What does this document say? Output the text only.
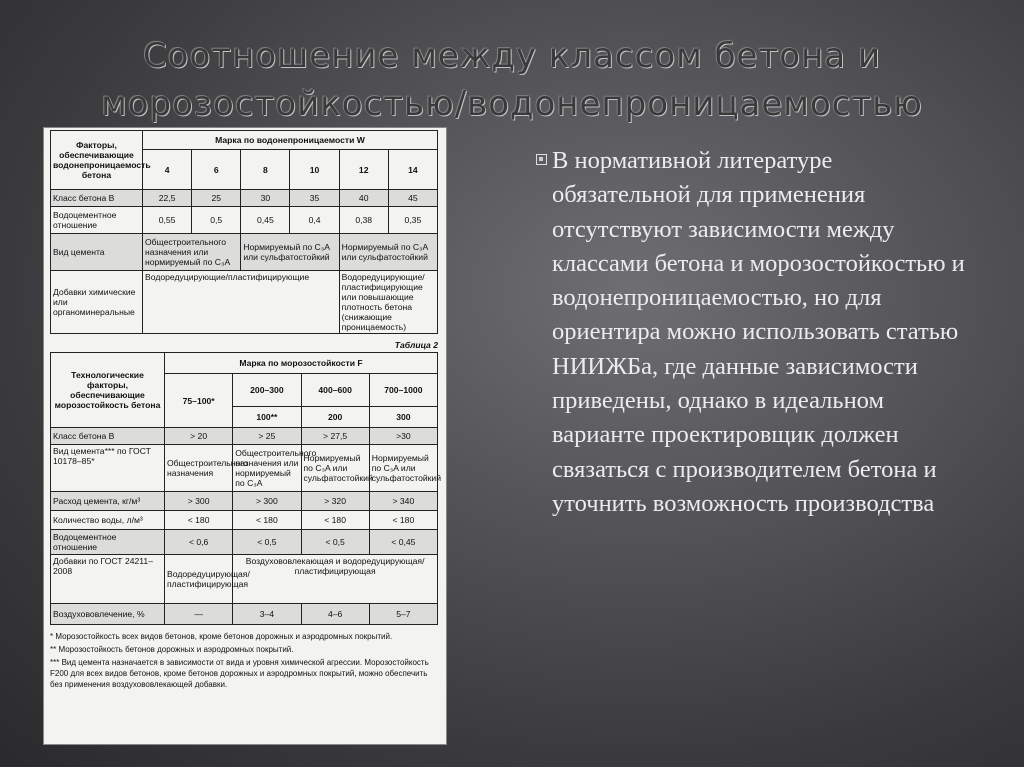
Соотношение между классом бетона и
морозостойкостью/водонепроницаемостью
Факторы, обеспечивающие водонепроницаемость бетона	Марка по водонепроницаемости W					
	4	6	8	10	12	14
Класс бетона В	22,5	25	30	35	40	45
Водоцементное отношение	0,55	0,5	0,45	0,4	0,38	0,35
Вид цемента	Общестроительного назначения или нормируемый по C₃A		Нормируемый по C₃A или сульфатостойкий		Нормируемый по C₃A или сульфатостойкий	
Добавки химические или органоминеральные	Водоредуцирующие/пластифицирующие				Водоредуцирующие/пластифицирующие или повышающие плотность бетона (снижающие проницаемость)	
Таблица 2
Технологические факторы, обеспечивающие морозостойкость бетона	Марка по морозостойкости F			
	75–100*	200–300	400–600	700–1000
		100**	200	300
Класс бетона В	> 20	> 25	> 27,5	>30
Вид цемента*** по ГОСТ 10178–85*	Общестроительного назначения	Общестроительного назначения или нормируемый по C₃A	Нормируемый по C₃A или сульфатостойкий	Нормируемый по C₃A или сульфатостойкий
Расход цемента, кг/м³	> 300	> 300	> 320	> 340
Количество воды, л/м³	< 180	< 180	< 180	< 180
Водоцементное отношение	< 0,6	< 0,5	< 0,5	< 0,45
Добавки по ГОСТ 24211–2008	Водоредуцирующая/пластифицирующая	Воздухововлекающая и водоредуцирующая/пластифицирующая		
Воздухововлечение, %	—	3–4	4–6	5–7
* Морозостойкость всех видов бетонов, кроме бетонов дорожных и аэродромных покрытий.
** Морозостойкость бетонов дорожных и аэродромных покрытий.
*** Вид цемента назначается в зависимости от вида и уровня химической агрессии. Морозостойкость F200 для всех видов бетонов, кроме бетонов дорожных и аэродромных покрытий, можно обеспечить без применения воздухововлекающей добавки.
В нормативной литературе обязательной для применения отсутствуют зависимости между классами бетона и морозостойкостью и водонепроницаемостью, но для ориентира можно использовать статью НИИЖБа, где данные зависимости приведены, однако в идеальном варианте проектировщик должен связаться с производителем бетона и уточнить возможность производства
